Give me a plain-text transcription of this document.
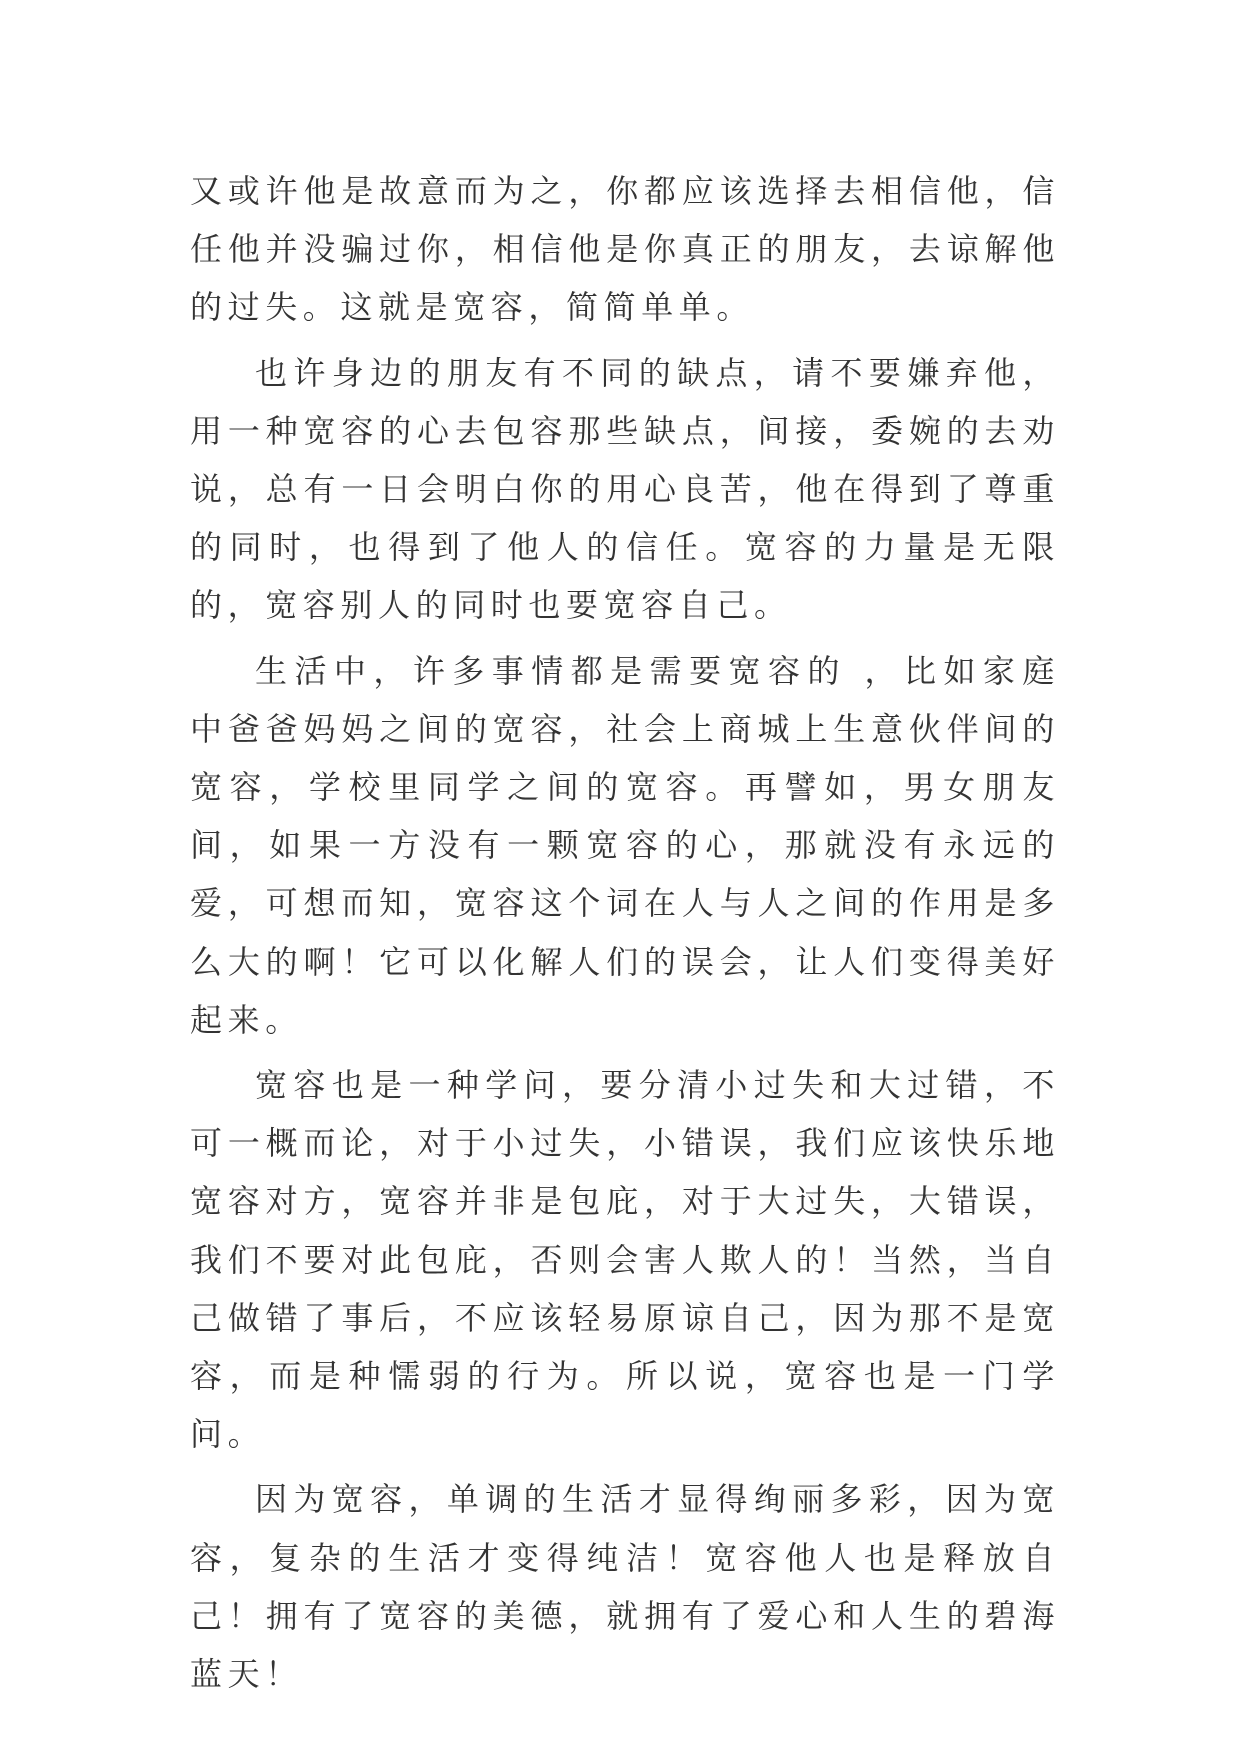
又或许他是故意而为之，你都应该选择去相信他，信任他并没骗过你，相信他是你真正的朋友，去谅解他的过失。这就是宽容，简简单单。

也许身边的朋友有不同的缺点，请不要嫌弃他，用一种宽容的心去包容那些缺点，间接，委婉的去劝说，总有一日会明白你的用心良苦，他在得到了尊重的同时，也得到了他人的信任。宽容的力量是无限的，宽容别人的同时也要宽容自己。

生活中，许多事情都是需要宽容的 ，比如家庭中爸爸妈妈之间的宽容，社会上商城上生意伙伴间的宽容，学校里同学之间的宽容。再譬如，男女朋友间，如果一方没有一颗宽容的心，那就没有永远的爱，可想而知，宽容这个词在人与人之间的作用是多么大的啊！它可以化解人们的误会，让人们变得美好起来。

宽容也是一种学问，要分清小过失和大过错，不可一概而论，对于小过失，小错误，我们应该快乐地宽容对方，宽容并非是包庇，对于大过失，大错误，我们不要对此包庇，否则会害人欺人的！当然，当自己做错了事后，不应该轻易原谅自己，因为那不是宽容，而是种懦弱的行为。所以说，宽容也是一门学问。

因为宽容，单调的生活才显得绚丽多彩，因为宽容，复杂的生活才变得纯洁！宽容他人也是释放自己！拥有了宽容的美德，就拥有了爱心和人生的碧海蓝天！
